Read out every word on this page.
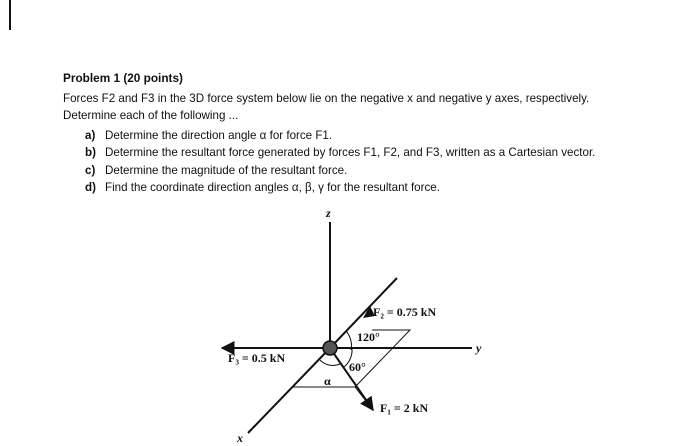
Problem 1 (20 points)
Forces F2 and F3 in the 3D force system below lie on the negative x and negative y axes, respectively.
Determine each of the following ...
a) Determine the direction angle α for force F1.
b) Determine the resultant force generated by forces F1, F2, and F3, written as a Cartesian vector.
c) Determine the magnitude of the resultant force.
d) Find the coordinate direction angles α, β, γ for the resultant force.
z
y
x
F₂ = 0.75 kN
F₃ = 0.5 kN
F₁ = 2 kN
120°
60°
α
